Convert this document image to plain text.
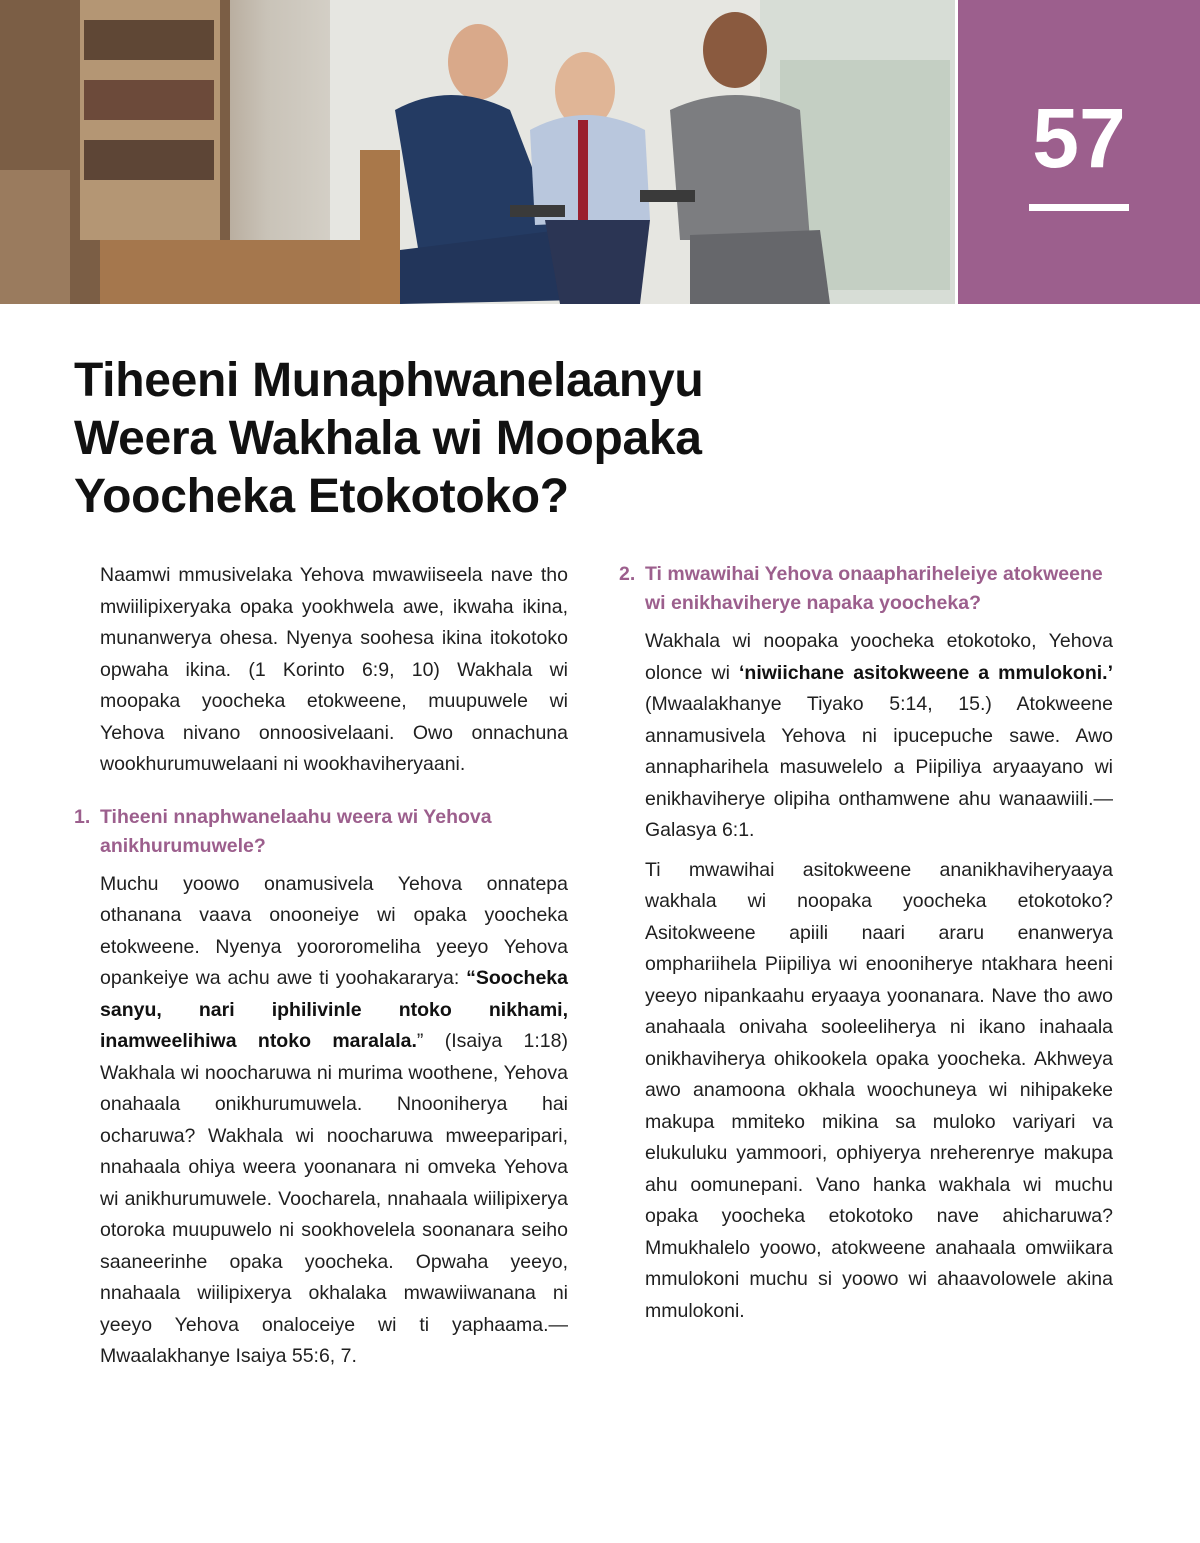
57
Tiheeni Munaphwanelaanyu
Weera Wakhala wi Moopaka
Yoocheka Etokotoko?

Naamwi mmusivelaka Yehova mwawiiseela nave tho mwiilipixeryaka opaka yookhwela awe, ikwaha ikina, munanwerya ohesa. Nyenya soohesa ikina itokotoko opwaha ikina. (1 Korinto 6:9, 10) Wakhala wi moopaka yoocheka etokweene, muupuwele wi Yehova nivano onnoosivelaani. Owo onnachuna wookhurumuwelaani ni wookhaviheryaani.

1. Tiheeni nnaphwanelaahu weera wi Yehova anikhurumuwele?

Muchu yoowo onamusivela Yehova onnatepa othanana vaava onooneiye wi opaka yoocheka etokweene. Nyenya yoororomeliha yeeyo Yehova opankeiye wa achu awe ti yoohakararya: “Soocheka sanyu, nari iphilivinle ntoko nikhami, inamweelihiwa ntoko maralala.” (Isaiya 1:18) Wakhala wi noocharuwa ni murima woothene, Yehova onahaala onikhurumuwela. Nnooniherya hai ocharuwa? Wakhala wi noocharuwa mweeparipari, nnahaala ohiya weera yoonanara ni omveka Yehova wi anikhurumuwele. Voocharela, nnahaala wiilipixerya otoroka muupuwelo ni sookhovelela soonanara seiho saaneerinhe opaka yoocheka. Opwaha yeeyo, nnahaala wiilipixerya okhalaka mwawiiwanana ni yeeyo Yehova onaloceiye wi ti yaphaama.—Mwaalakhanye Isaiya 55:6, 7.

2. Ti mwawihai Yehova onaaphariheleiye atokweene wi enikhaviherye napaka yoocheka?

Wakhala wi noopaka yoocheka etokotoko, Yehova olonce wi ‘niwiichane asitokweene a mmulokoni.’ (Mwaalakhanye Tiyako 5:14, 15.) Atokweene annamusivela Yehova ni ipucepuche sawe. Awo annapharihela masuwelelo a Piipiliya aryaayano wi enikhaviherye olipiha onthamwene ahu wanaawiili.—Galasya 6:1.

Ti mwawihai asitokweene ananikhaviheryaaya wakhala wi noopaka yoocheka etokotoko? Asitokweene apiili naari araru enanwerya omphariihela Piipiliya wi enooniheryе ntakhara heeni yeeyo nipankaahu eryaaya yoonanara. Nave tho awo anahaala onivaha sooleeliherya ni ikano inahaala onikhaviherya ohikookela opaka yoocheka. Akhweya awo anamoona okhala woochuneya wi nihipakeke makupa mmiteko mikina sa muloko variyari va elukuluku yammoori, ophiyerya nreherenrye makupa ahu oomunepani. Vano hanka wakhala wi muchu opaka yoocheka etokotoko nave ahicharuwa? Mmukhalelo yoowo, atokweene anahaala omwiikara mmulokoni muchu si yoowo wi ahaavolowele akina mmulokoni.
